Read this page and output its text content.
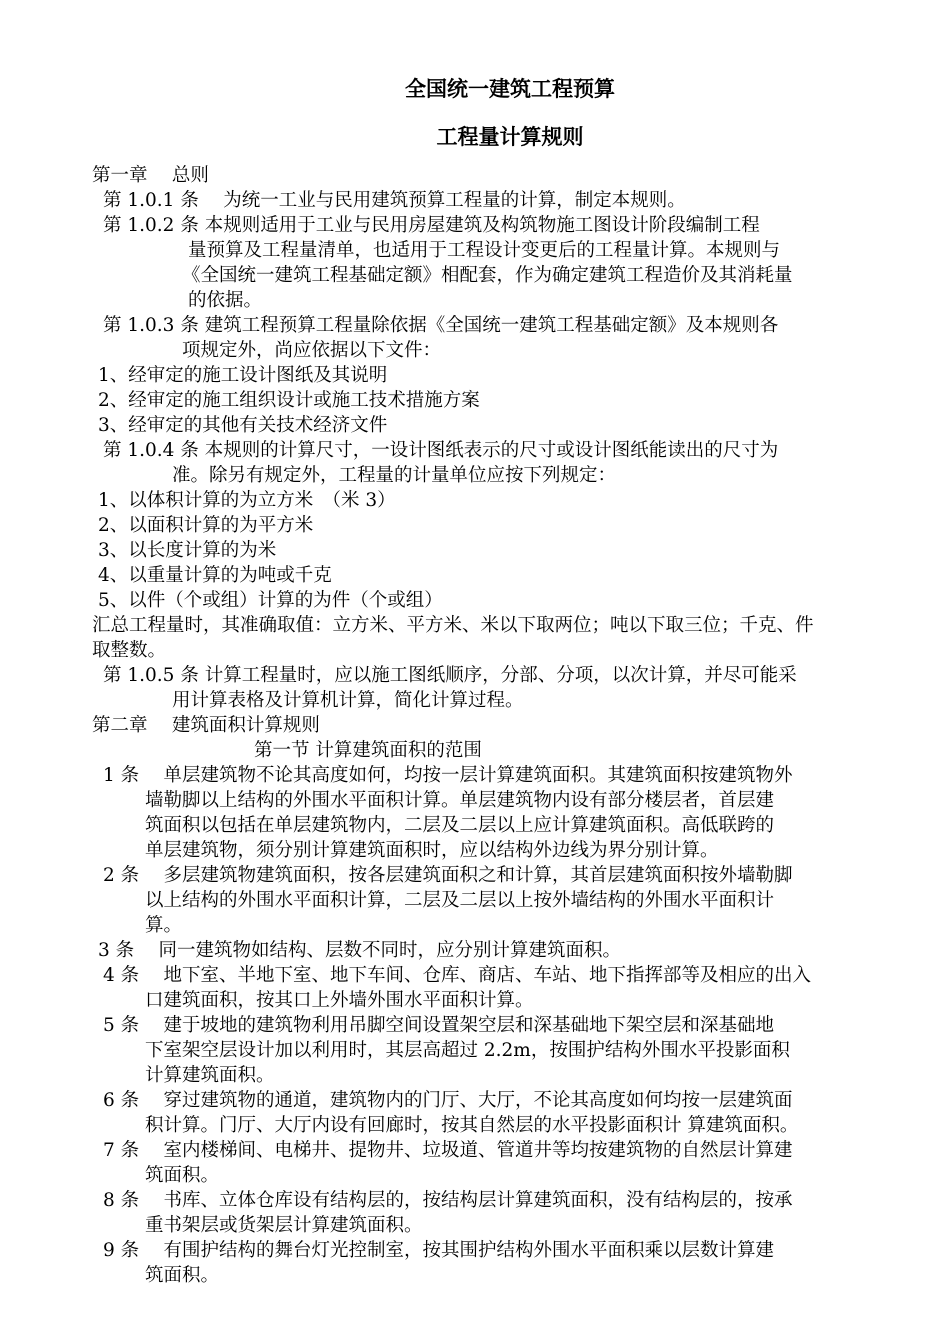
全国统一建筑工程预算
工程量计算规则
第一章　 总则
第 1.0.1 条　 为统一工业与民用建筑预算工程量的计算，制定本规则。
第 1.0.2 条 本规则适用于工业与民用房屋建筑及构筑物施工图设计阶段编制工程
量预算及工程量清单，也适用于工程设计变更后的工程量计算。本规则与
《全国统一建筑工程基础定额》相配套，作为确定建筑工程造价及其消耗量
的依据。
第 1.0.3 条 建筑工程预算工程量除依据《全国统一建筑工程基础定额》及本规则各
项规定外，尚应依据以下文件：
1、经审定的施工设计图纸及其说明
2、经审定的施工组织设计或施工技术措施方案
3、经审定的其他有关技术经济文件
第 1.0.4 条 本规则的计算尺寸，一设计图纸表示的尺寸或设计图纸能读出的尺寸为
准。除另有规定外，工程量的计量单位应按下列规定：
1、以体积计算的为立方米　（米 3）
2、以面积计算的为平方米
3、以长度计算的为米
4、以重量计算的为吨或千克
5、以件（个或组）计算的为件（个或组）
汇总工程量时，其准确取值：立方米、平方米、米以下取两位；吨以下取三位；千克、件
取整数。
第 1.0.5 条 计算工程量时，应以施工图纸顺序，分部、分项，以次计算，并尽可能采
用计算表格及计算机计算，简化计算过程。
第二章　 建筑面积计算规则
第一节 计算建筑面积的范围
1 条　 单层建筑物不论其高度如何，均按一层计算建筑面积。其建筑面积按建筑物外
墙勒脚以上结构的外围水平面积计算。单层建筑物内设有部分楼层者，首层建
筑面积以包括在单层建筑物内，二层及二层以上应计算建筑面积。高低联跨的
单层建筑物，须分别计算建筑面积时，应以结构外边线为界分别计算。
2 条　 多层建筑物建筑面积，按各层建筑面积之和计算，其首层建筑面积按外墙勒脚
以上结构的外围水平面积计算，二层及二层以上按外墙结构的外围水平面积计
算。
3 条　 同一建筑物如结构、层数不同时，应分别计算建筑面积。
4 条　 地下室、半地下室、地下车间、仓库、商店、车站、地下指挥部等及相应的出入
口建筑面积，按其口上外墙外围水平面积计算。
5 条　 建于坡地的建筑物利用吊脚空间设置架空层和深基础地下架空层和深基础地
下室架空层设计加以利用时，其层高超过 2.2m，按围护结构外围水平投影面积
计算建筑面积。
6 条　 穿过建筑物的通道，建筑物内的门厅、大厅，不论其高度如何均按一层建筑面
积计算。门厅、大厅内设有回廊时，按其自然层的水平投影面积计 算建筑面积。
7 条　 室内楼梯间、电梯井、提物井、垃圾道、管道井等均按建筑物的自然层计算建
筑面积。
8 条　 书库、立体仓库设有结构层的，按结构层计算建筑面积，没有结构层的，按承
重书架层或货架层计算建筑面积。
9 条　 有围护结构的舞台灯光控制室，按其围护结构外围水平面积乘以层数计算建
筑面积。
